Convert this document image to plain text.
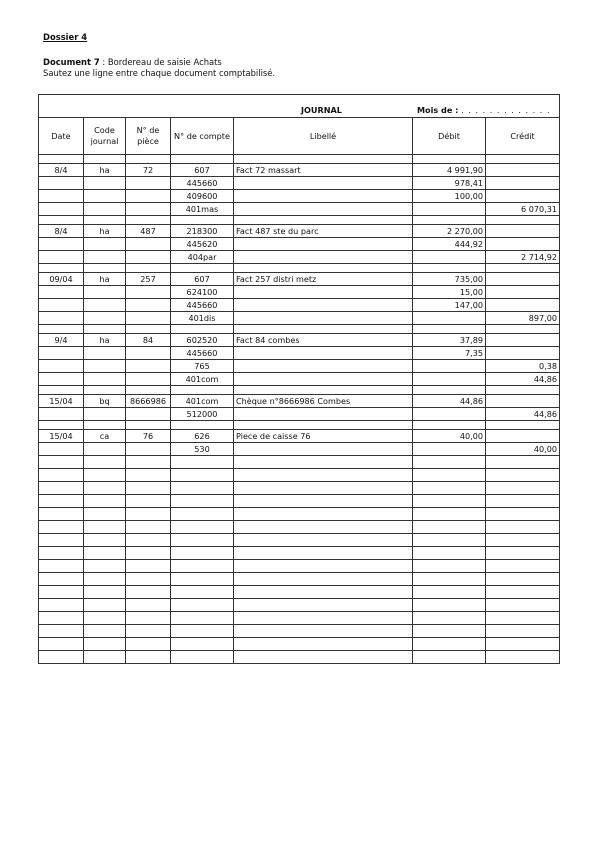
Dossier 4
Document 7 : Bordereau de saisie Achats
Sautez une ligne entre chaque document comptabilisé.

JOURNAL Mois de : . . . . . . . . . . . . .						

Date	Code journal	N° de pièce	N° de compte	Libellé	Débit	Crédit

8/4	ha	72	607	Fact 72 massart	4 991,90	
			445660		978,41	
			409600		100,00	
			401mas			6 070,31

8/4	ha	487	218300	Fact 487 ste du parc	2 270,00	
			445620		444,92	
			404par			2 714,92

09/04	ha	257	607	Fact 257 distri metz	735,00	
			624100		15,00	
			445660		147,00	
			401dis			897,00

9/4	ha	84	602520	Fact 84 combes	37,89	
			445660		7,35	
			765			0,38
			401com			44,86

15/04	bq	8666986	401com	Chèque n°8666986 Combes	44,86	
			512000			44,86

15/04	ca	76	626	Piece de caisse 76	40,00	
			530			40,00
